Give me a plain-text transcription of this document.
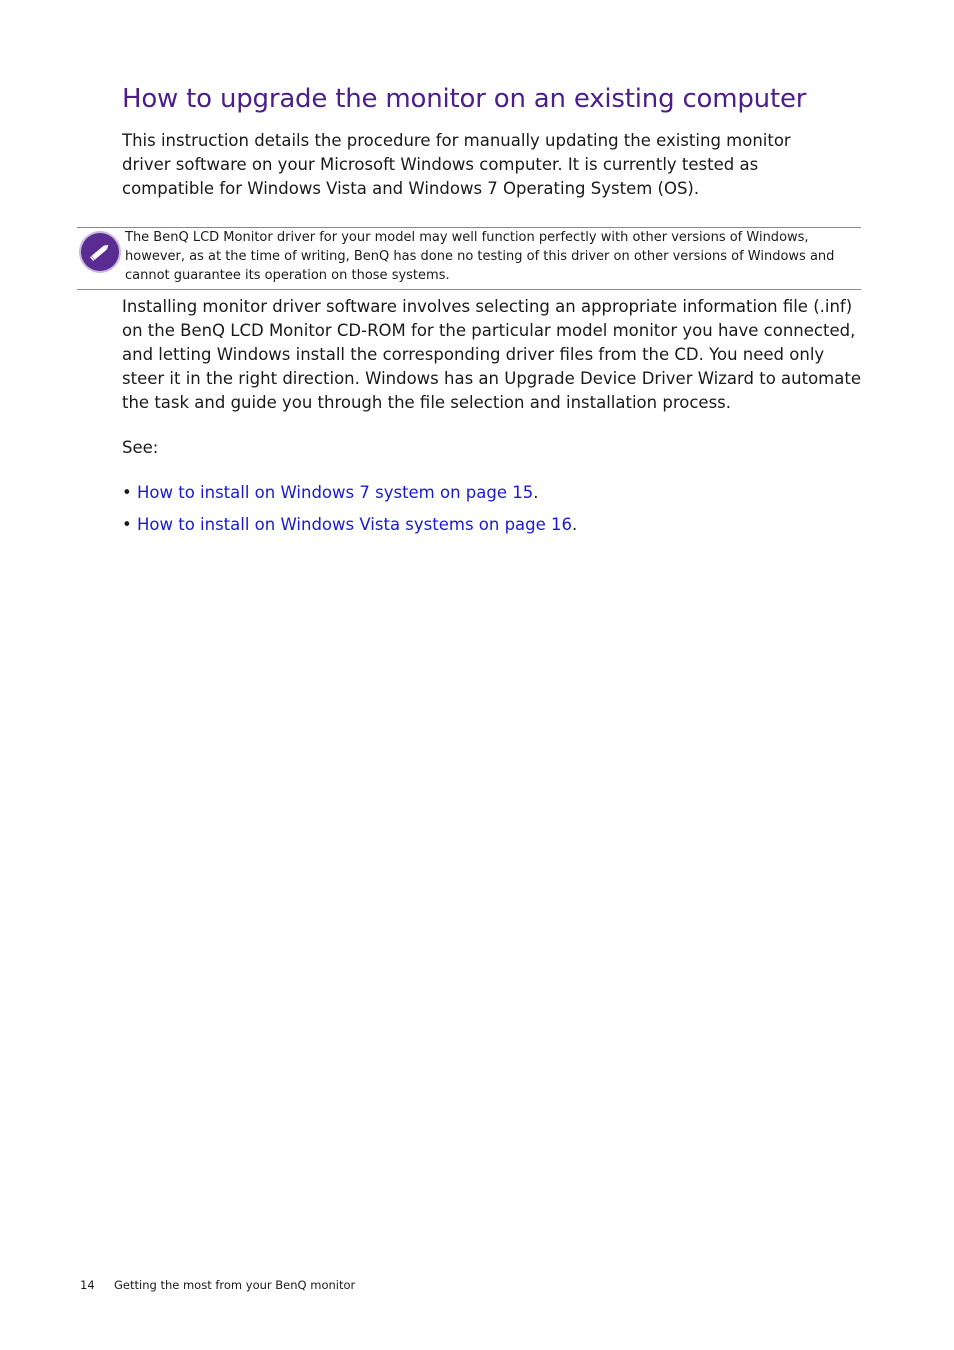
How to upgrade the monitor on an existing computer

This instruction details the procedure for manually updating the existing monitor driver software on your Microsoft Windows computer. It is currently tested as compatible for Windows Vista and Windows 7 Operating System (OS).

The BenQ LCD Monitor driver for your model may well function perfectly with other versions of Windows, however, as at the time of writing, BenQ has done no testing of this driver on other versions of Windows and cannot guarantee its operation on those systems.

Installing monitor driver software involves selecting an appropriate information file (.inf) on the BenQ LCD Monitor CD-ROM for the particular model monitor you have connected, and letting Windows install the corresponding driver files from the CD. You need only steer it in the right direction. Windows has an Upgrade Device Driver Wizard to automate the task and guide you through the file selection and installation process.

See:

• How to install on Windows 7 system on page 15.
• How to install on Windows Vista systems on page 16.
14 Getting the most from your BenQ monitor
